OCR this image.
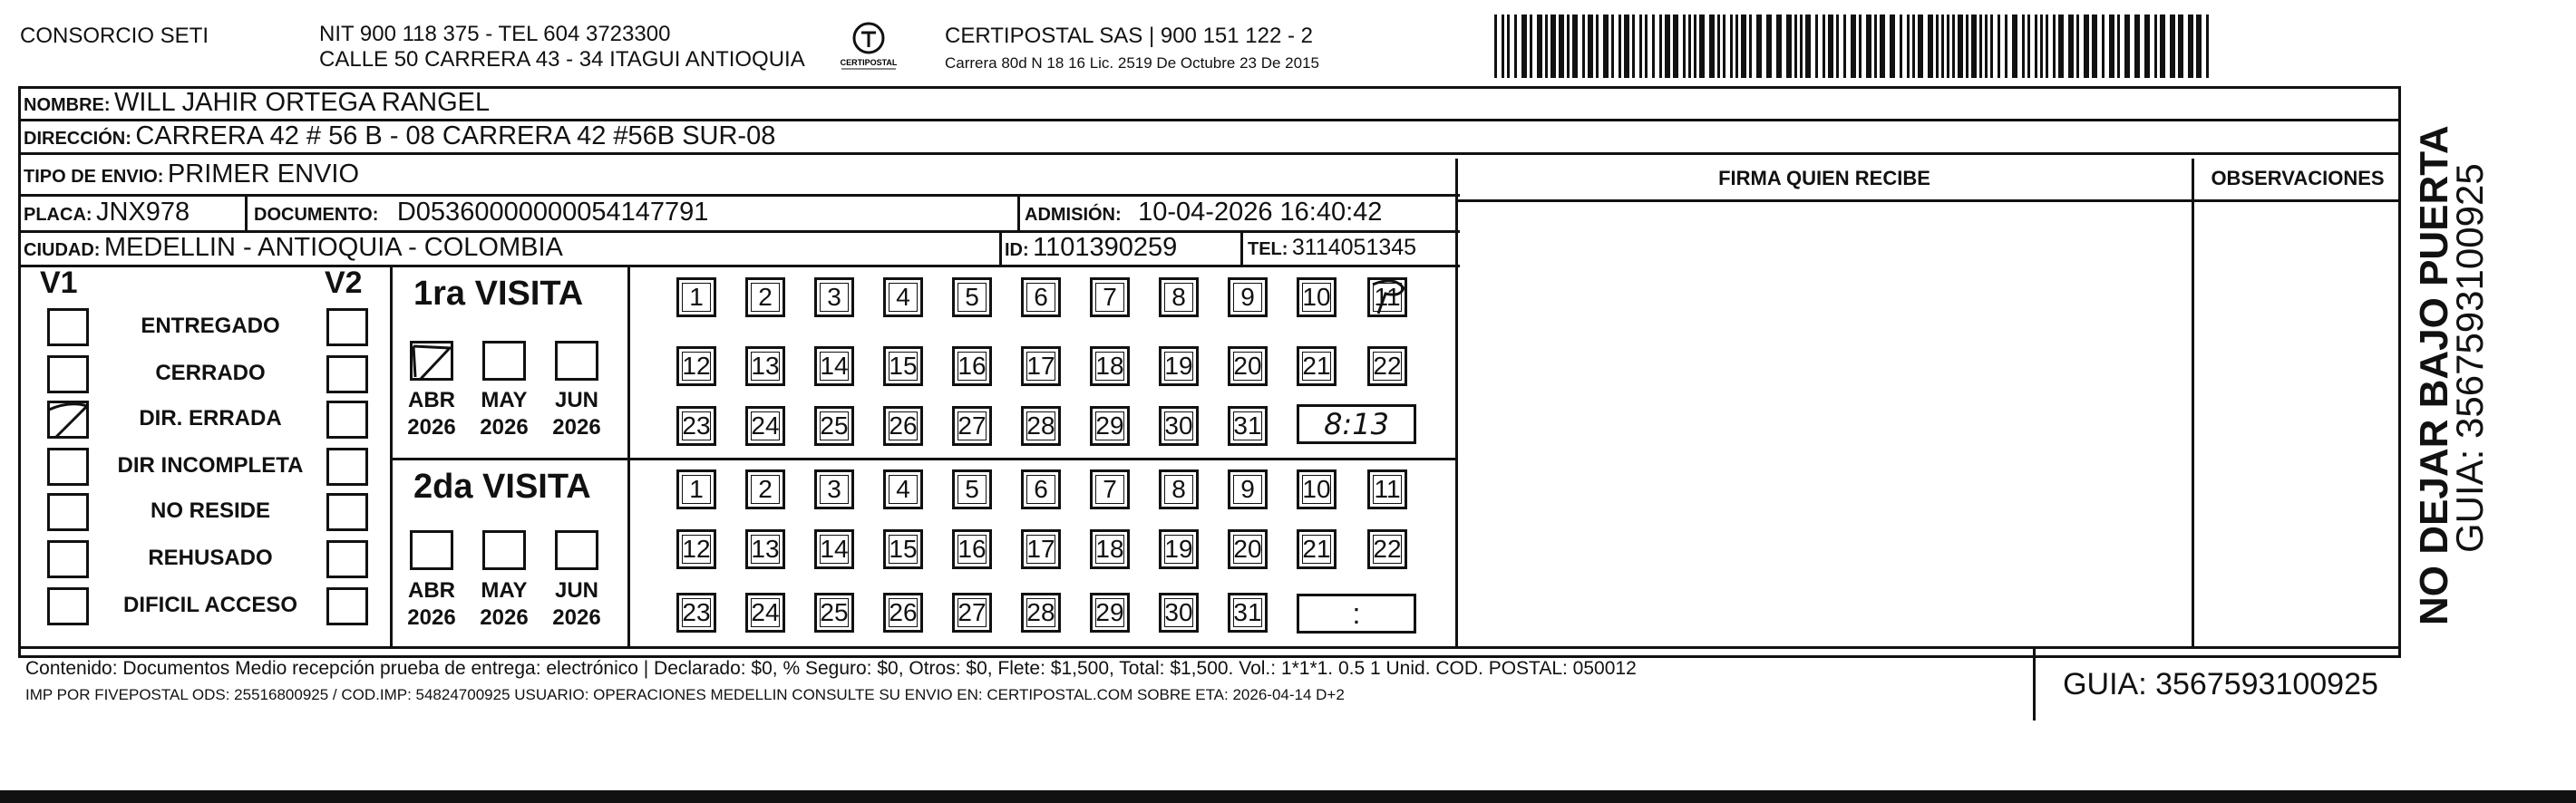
CONSORCIO SETI	NIT 900 118 375 - TEL 604 3723300
CALLE 50 CARRERA 43 - 34 ITAGUI ANTIOQUIA	CERTIPOSTAL
CERTIPOSTAL SAS | 900 151 122 - 2
Carrera 80d N 18 16 Lic. 2519 De Octubre 23 De 2015
NOMBRE: WILL JAHIR ORTEGA RANGEL
DIRECCIÓN: CARRERA 42 # 56 B - 08 CARRERA 42 #56B SUR-08
TIPO DE ENVIO: PRIMER ENVIO
PLACA: JNX978	DOCUMENTO: D05360000000054147791	ADMISIÓN: 10-04-2026 16:40:42
CIUDAD: MEDELLIN - ANTIOQUIA - COLOMBIA	ID: 1101390259	TEL: 3114051345
FIRMA QUIEN RECIBE	OBSERVACIONES
V1	V2
ENTREGADO
CERRADO
DIR. ERRADA
DIR INCOMPLETA
NO RESIDE
REHUSADO
DIFICIL ACCESO
1ra VISITA
ABR
2026
MAY
2026
JUN
2026
1 2 3 4 5 6 7 8 9 10 11
12 13 14 15 16 17 18 19 20 21 22
23 24 25 26 27 28 29 30 31 8:13
2da VISITA
ABR
2026
MAY
2026
JUN
2026
1 2 3 4 5 6 7 8 9 10 11
12 13 14 15 16 17 18 19 20 21 22
23 24 25 26 27 28 29 30 31	:
Contenido: Documentos Medio recepción prueba de entrega: electrónico | Declarado: $0, % Seguro: $0, Otros: $0, Flete: $1,500, Total: $1,500. Vol.: 1*1*1. 0.5 1 Unid. COD. POSTAL: 050012
IMP POR FIVEPOSTAL ODS: 25516800925 / COD.IMP: 54824700925 USUARIO: OPERACIONES MEDELLIN CONSULTE SU ENVIO EN: CERTIPOSTAL.COM SOBRE ETA: 2026-04-14 D+2	GUIA: 3567593100925
NO DEJAR BAJO PUERTA
GUIA: 3567593100925
